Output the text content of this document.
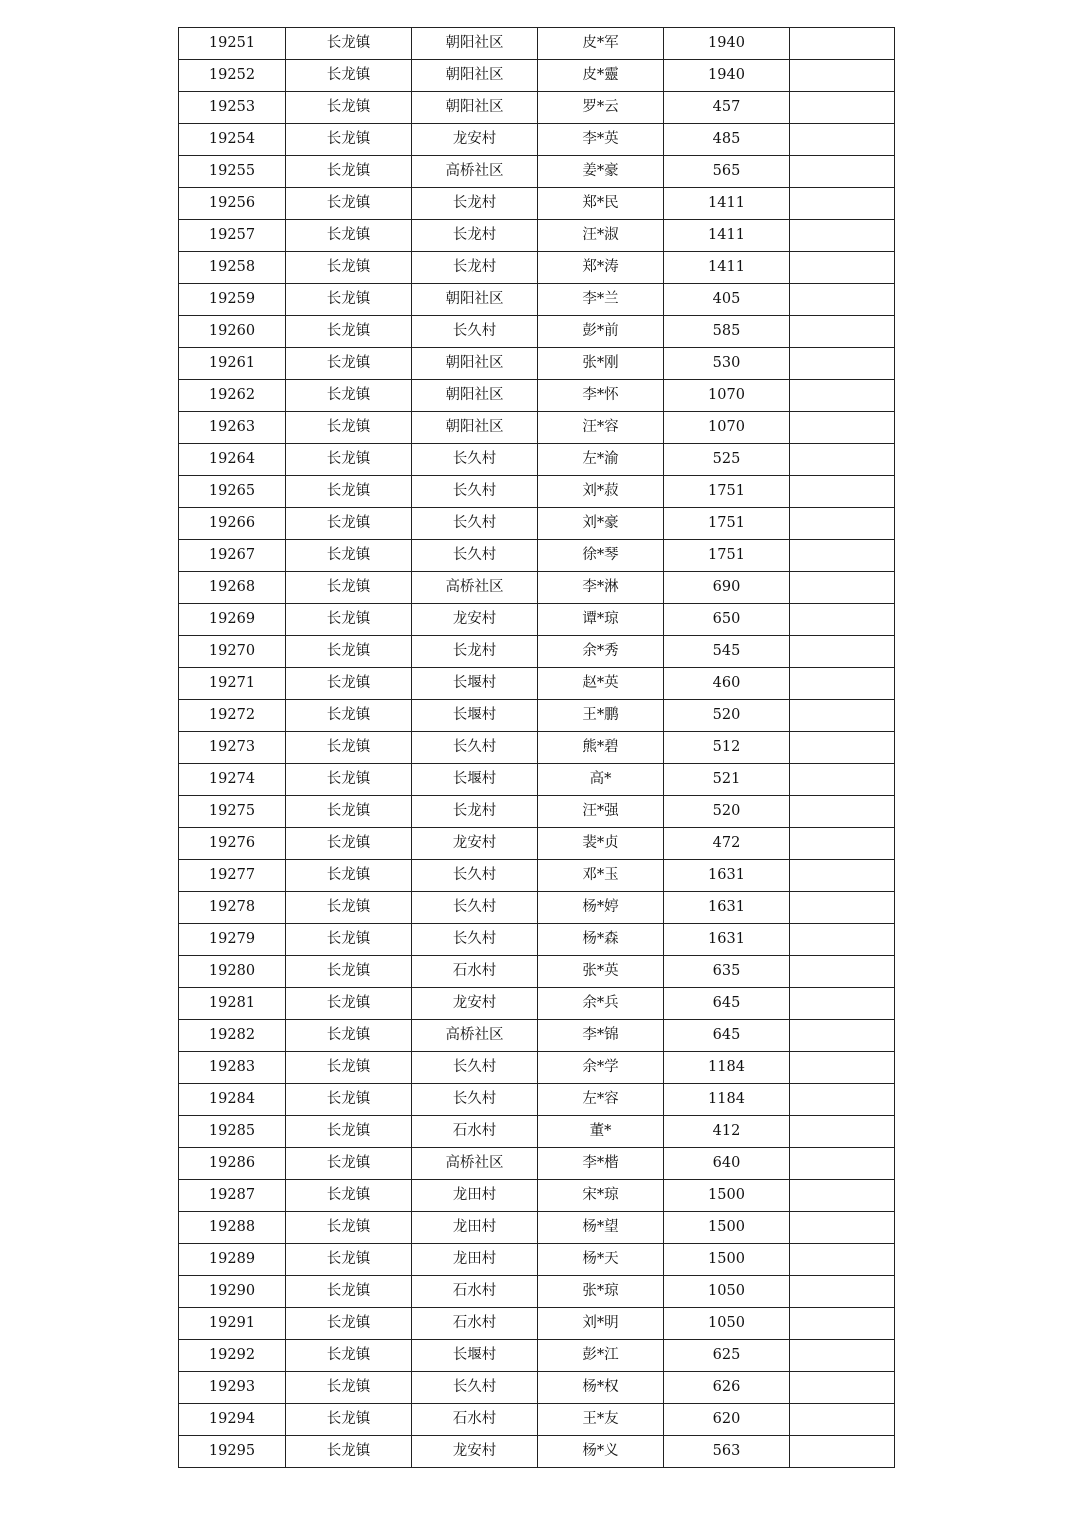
19251	长龙镇	朝阳社区	皮*军	1940	
19252	长龙镇	朝阳社区	皮*靈	1940	
19253	长龙镇	朝阳社区	罗*云	457	
19254	长龙镇	龙安村	李*英	485	
19255	长龙镇	高桥社区	姜*豪	565	
19256	长龙镇	长龙村	郑*民	1411	
19257	长龙镇	长龙村	汪*淑	1411	
19258	长龙镇	长龙村	郑*涛	1411	
19259	长龙镇	朝阳社区	李*兰	405	
19260	长龙镇	长久村	彭*前	585	
19261	长龙镇	朝阳社区	张*刚	530	
19262	长龙镇	朝阳社区	李*怀	1070	
19263	长龙镇	朝阳社区	汪*容	1070	
19264	长龙镇	长久村	左*渝	525	
19265	长龙镇	长久村	刘*菽	1751	
19266	长龙镇	长久村	刘*豪	1751	
19267	长龙镇	长久村	徐*琴	1751	
19268	长龙镇	高桥社区	李*淋	690	
19269	长龙镇	龙安村	谭*琼	650	
19270	长龙镇	长龙村	余*秀	545	
19271	长龙镇	长堰村	赵*英	460	
19272	长龙镇	长堰村	王*鹏	520	
19273	长龙镇	长久村	熊*碧	512	
19274	长龙镇	长堰村	高*	521	
19275	长龙镇	长龙村	汪*强	520	
19276	长龙镇	龙安村	裴*贞	472	
19277	长龙镇	长久村	邓*玉	1631	
19278	长龙镇	长久村	杨*婷	1631	
19279	长龙镇	长久村	杨*森	1631	
19280	长龙镇	石水村	张*英	635	
19281	长龙镇	龙安村	余*兵	645	
19282	长龙镇	高桥社区	李*锦	645	
19283	长龙镇	长久村	余*学	1184	
19284	长龙镇	长久村	左*容	1184	
19285	长龙镇	石水村	董*	412	
19286	长龙镇	高桥社区	李*楷	640	
19287	长龙镇	龙田村	宋*琼	1500	
19288	长龙镇	龙田村	杨*望	1500	
19289	长龙镇	龙田村	杨*天	1500	
19290	长龙镇	石水村	张*琼	1050	
19291	长龙镇	石水村	刘*明	1050	
19292	长龙镇	长堰村	彭*江	625	
19293	长龙镇	长久村	杨*权	626	
19294	长龙镇	石水村	王*友	620	
19295	长龙镇	龙安村	杨*义	563	
